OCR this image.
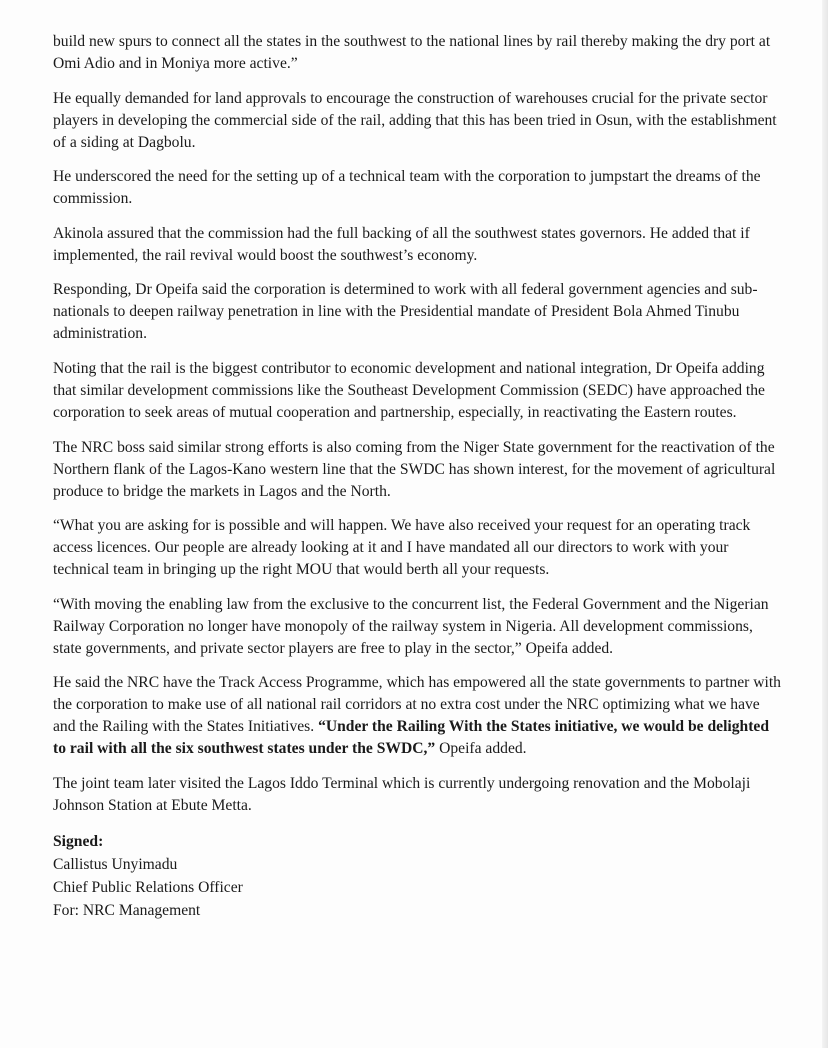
build new spurs to connect all the states in the southwest to the national lines by rail thereby making the dry port at Omi Adio and in Moniya more active.”

He equally demanded for land approvals to encourage the construction of warehouses crucial for the private sector players in developing the commercial side of the rail, adding that this has been tried in Osun, with the establishment of a siding at Dagbolu.

He underscored the need for the setting up of a technical team with the corporation to jumpstart the dreams of the commission.

Akinola assured that the commission had the full backing of all the southwest states governors. He added that if implemented, the rail revival would boost the southwest’s economy.

Responding, Dr Opeifa said the corporation is determined to work with all federal government agencies and sub-nationals to deepen railway penetration in line with the Presidential mandate of President Bola Ahmed Tinubu administration.

Noting that the rail is the biggest contributor to economic development and national integration, Dr Opeifa adding that similar development commissions like the Southeast Development Commission (SEDC) have approached the corporation to seek areas of mutual cooperation and partnership, especially, in reactivating the Eastern routes.

The NRC boss said similar strong efforts is also coming from the Niger State government for the reactivation of the Northern flank of the Lagos-Kano western line that the SWDC has shown interest, for the movement of agricultural produce to bridge the markets in Lagos and the North.

“What you are asking for is possible and will happen. We have also received your request for an operating track access licences. Our people are already looking at it and I have mandated all our directors to work with your technical team in bringing up the right MOU that would berth all your requests.

“With moving the enabling law from the exclusive to the concurrent list, the Federal Government and the Nigerian Railway Corporation no longer have monopoly of the railway system in Nigeria. All development commissions, state governments, and private sector players are free to play in the sector,” Opeifa added.

He said the NRC have the Track Access Programme, which has empowered all the state governments to partner with the corporation to make use of all national rail corridors at no extra cost under the NRC optimizing what we have and the Railing with the States Initiatives. “Under the Railing With the States initiative, we would be delighted to rail with all the six southwest states under the SWDC,” Opeifa added.

The joint team later visited the Lagos Iddo Terminal which is currently undergoing renovation and the Mobolaji Johnson Station at Ebute Metta.

Signed:
Callistus Unyimadu
Chief Public Relations Officer
For: NRC Management
